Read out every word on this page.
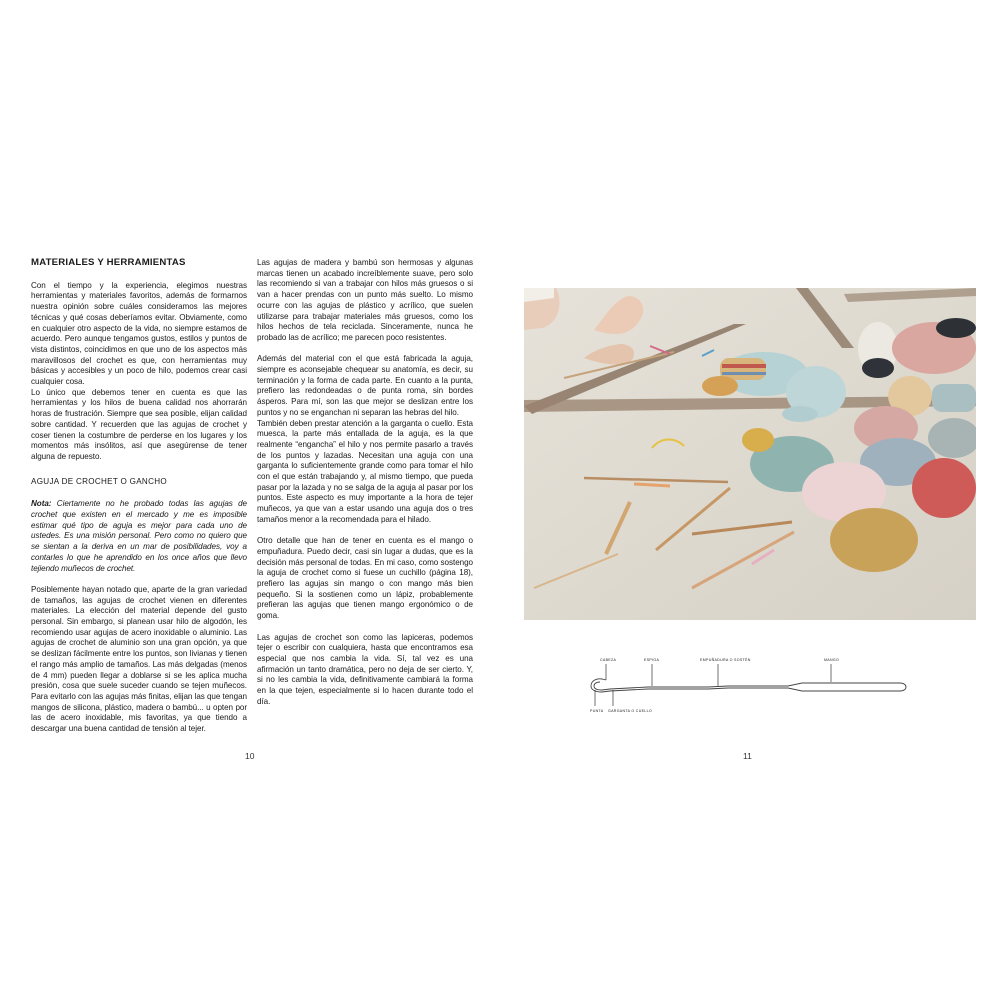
MATERIALES Y HERRAMIENTAS

Con el tiempo y la experiencia, elegimos nuestras herramientas y materiales favoritos, además de formarnos nuestra opinión sobre cuáles consideramos las mejores técnicas y qué cosas deberíamos evitar. Obviamente, como en cualquier otro aspecto de la vida, no siempre estamos de acuerdo. Pero aunque tengamos gustos, estilos y puntos de vista distintos, coincidimos en que uno de los aspectos más maravillosos del crochet es que, con herramientas muy básicas y accesibles y un poco de hilo, podemos crear casi cualquier cosa.

Lo único que debemos tener en cuenta es que las herramientas y los hilos de buena calidad nos ahorrarán horas de frustración. Siempre que sea posible, elijan calidad sobre cantidad. Y recuerden que las agujas de crochet y coser tienen la costumbre de perderse en los lugares y los momentos más insólitos, así que asegúrense de tener alguna de repuesto.

AGUJA DE CROCHET O GANCHO

Nota: Ciertamente no he probado todas las agujas de crochet que existen en el mercado y me es imposible estimar qué tipo de aguja es mejor para cada uno de ustedes. Es una misión personal. Pero como no quiero que se sientan a la deriva en un mar de posibilidades, voy a contarles lo que he aprendido en los once años que llevo tejiendo muñecos de crochet.

Posiblemente hayan notado que, aparte de la gran variedad de tamaños, las agujas de crochet vienen en diferentes materiales. La elección del material depende del gusto personal. Sin embargo, si planean usar hilo de algodón, les recomiendo usar agujas de acero inoxidable o aluminio. Las agujas de crochet de aluminio son una gran opción, ya que se deslizan fácilmente entre los puntos, son livianas y tienen el rango más amplio de tamaños. Las más delgadas (menos de 4 mm) pueden llegar a doblarse si se les aplica mucha presión, cosa que suele suceder cuando se tejen muñecos. Para evitarlo con las agujas más finitas, elijan las que tengan mangos de silicona, plástico, madera o bambú... u opten por las de acero inoxidable, mis favoritas, ya que tiendo a descargar una buena cantidad de tensión al tejer.

Las agujas de madera y bambú son hermosas y algunas marcas tienen un acabado increíblemente suave, pero solo las recomiendo si van a trabajar con hilos más gruesos o si van a hacer prendas con un punto más suelto. Lo mismo ocurre con las agujas de plástico y acrílico, que suelen utilizarse para trabajar materiales más gruesos, como los hilos hechos de tela reciclada. Sinceramente, nunca he probado las de acrílico; me parecen poco resistentes.

Además del material con el que está fabricada la aguja, siempre es aconsejable chequear su anatomía, es decir, su terminación y la forma de cada parte. En cuanto a la punta, prefiero las redondeadas o de punta roma, sin bordes ásperos. Para mí, son las que mejor se deslizan entre los puntos y no se enganchan ni separan las hebras del hilo.

También deben prestar atención a la garganta o cuello. Esta muesca, la parte más entallada de la aguja, es la que realmente “engancha” el hilo y nos permite pasarlo a través de los puntos y lazadas. Necesitan una aguja con una garganta lo suficientemente grande como para tomar el hilo con el que están trabajando y, al mismo tiempo, que pueda pasar por la lazada y no se salga de la aguja al pasar por los puntos. Este aspecto es muy importante a la hora de tejer muñecos, ya que van a estar usando una aguja dos o tres tamaños menor a la recomendada para el hilado.

Otro detalle que han de tener en cuenta es el mango o empuñadura. Puedo decir, casi sin lugar a dudas, que es la decisión más personal de todas. En mi caso, como sostengo la aguja de crochet como si fuese un cuchillo (página 18), prefiero las agujas sin mango o con mango más bien pequeño. Si la sostienen como un lápiz, probablemente prefieran las agujas que tienen mango ergonómico o de goma.

Las agujas de crochet son como las lapiceras, podemos tejer o escribir con cualquiera, hasta que encontramos esa especial que nos cambia la vida. Sí, tal vez es una afirmación un tanto dramática, pero no deja de ser cierto. Y, si no les cambia la vida, definitivamente cambiará la forma en la que tejen, especialmente si lo hacen durante todo el día.

10
CABEZA	ESPIGA	EMPUÑADURA O SOSTÉN	MANGO
PUNTA GARGANTA O CUELLO
11
